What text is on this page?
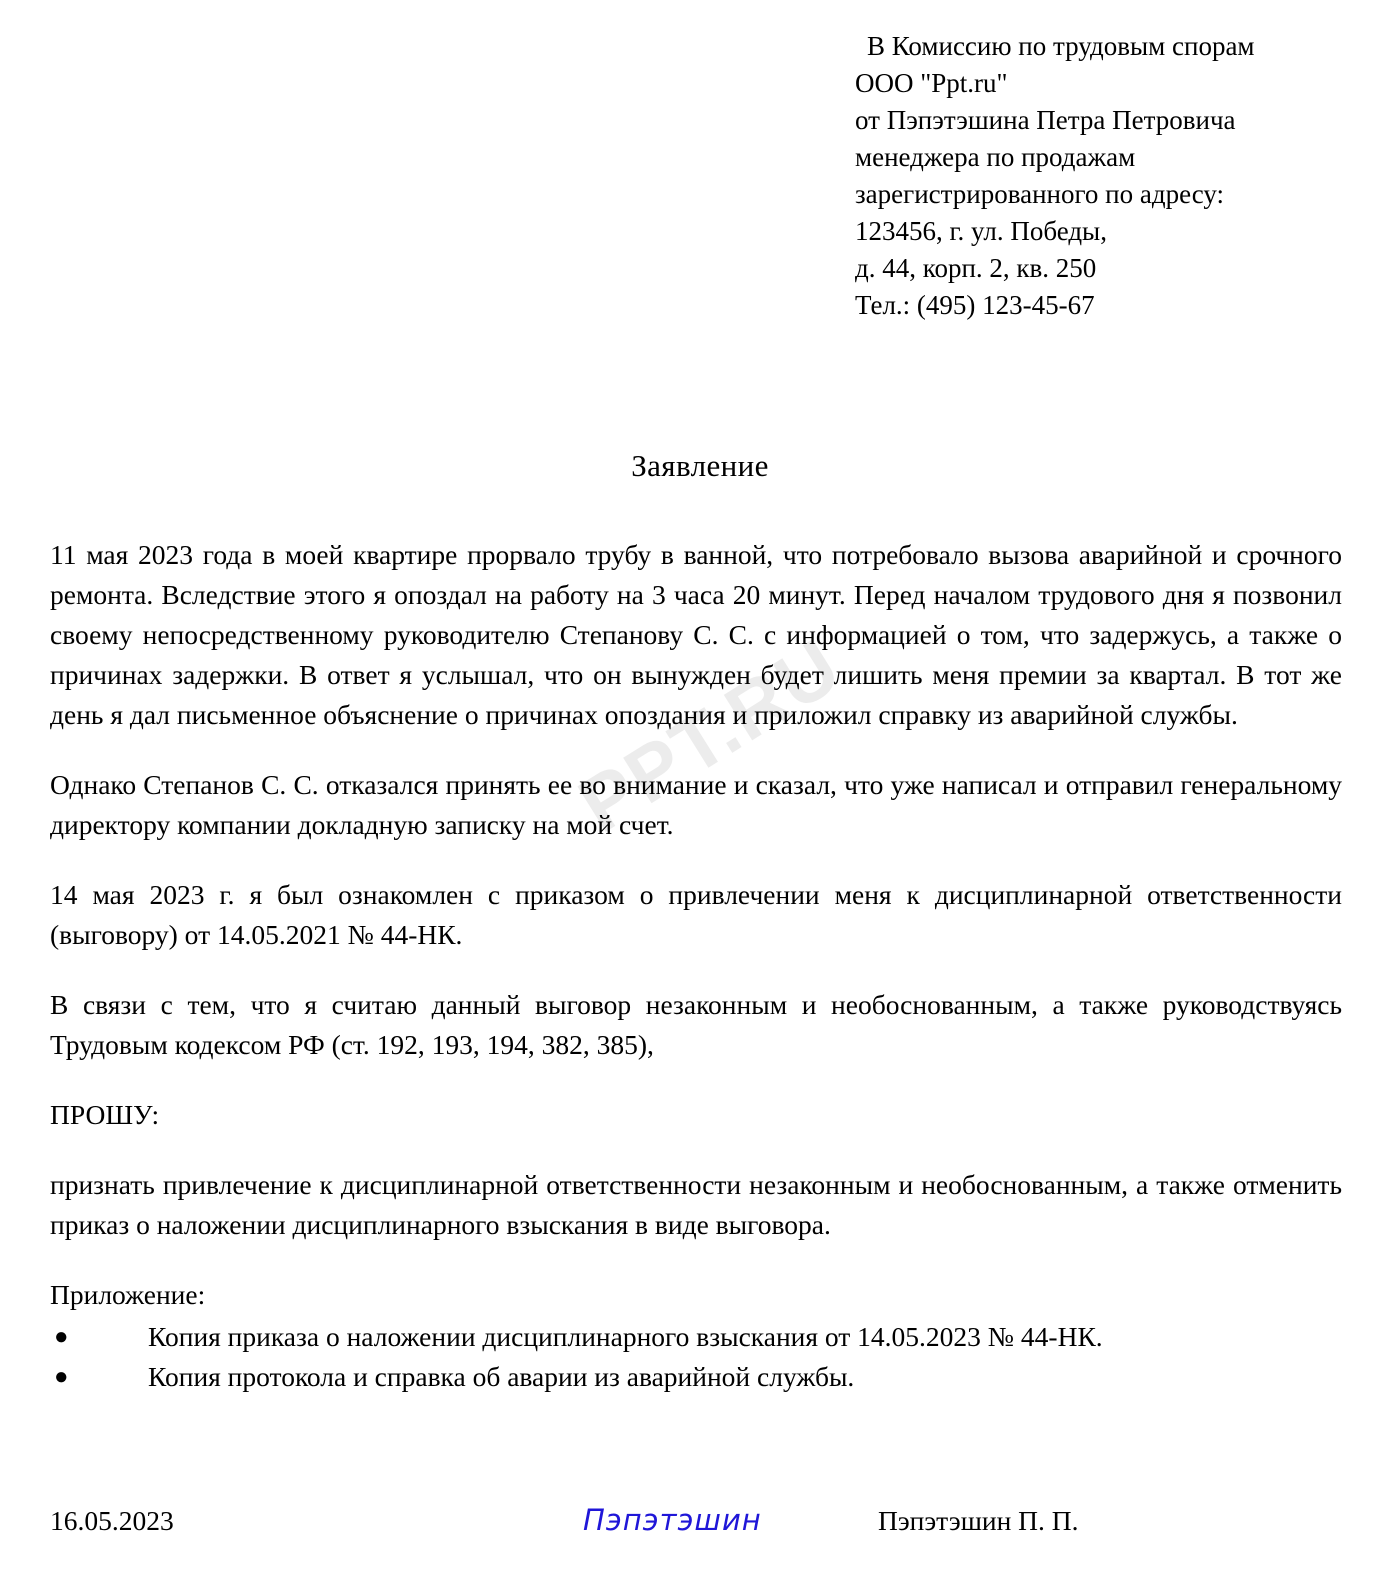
PPT.RU
В Комиссию по трудовым спорам
ООО "Ppt.ru"
от Пэпэтэшина Петра Петровича
менеджера по продажам
зарегистрированного по адресу:
123456, г. ул. Победы,
д. 44, корп. 2, кв. 250
Тел.: (495) 123-45-67
Заявление

11 мая 2023 года в моей квартире прорвало трубу в ванной, что потребовало вызова аварийной и срочного ремонта. Вследствие этого я опоздал на работу на 3 часа 20 минут. Перед началом трудового дня я позвонил своему непосредственному руководителю Степанову С. С. с информацией о том, что задержусь, а также о причинах задержки. В ответ я услышал, что он вынужден будет лишить меня премии за квартал. В тот же день я дал письменное объяснение о причинах опоздания и приложил справку из аварийной службы.

Однако Степанов С. С. отказался принять ее во внимание и сказал, что уже написал и отправил генеральному директору компании докладную записку на мой счет.

14 мая 2023 г. я был ознакомлен с приказом о привлечении меня к дисциплинарной ответственности (выговору) от 14.05.2021 № 44-НК.

В связи с тем, что я считаю данный выговор незаконным и необоснованным, а также руководствуясь Трудовым кодексом РФ (ст. 192, 193, 194, 382, 385),

ПРОШУ:

признать привлечение к дисциплинарной ответственности незаконным и необоснованным, а также отменить приказ о наложении дисциплинарного взыскания в виде выговора.

Приложение:

●	Копия приказа о наложении дисциплинарного взыскания от 14.05.2023 № 44-НК.
●	Копия протокола и справка об аварии из аварийной службы.
16.05.2023	Пэпэтэшин	Пэпэтэшин П. П.
